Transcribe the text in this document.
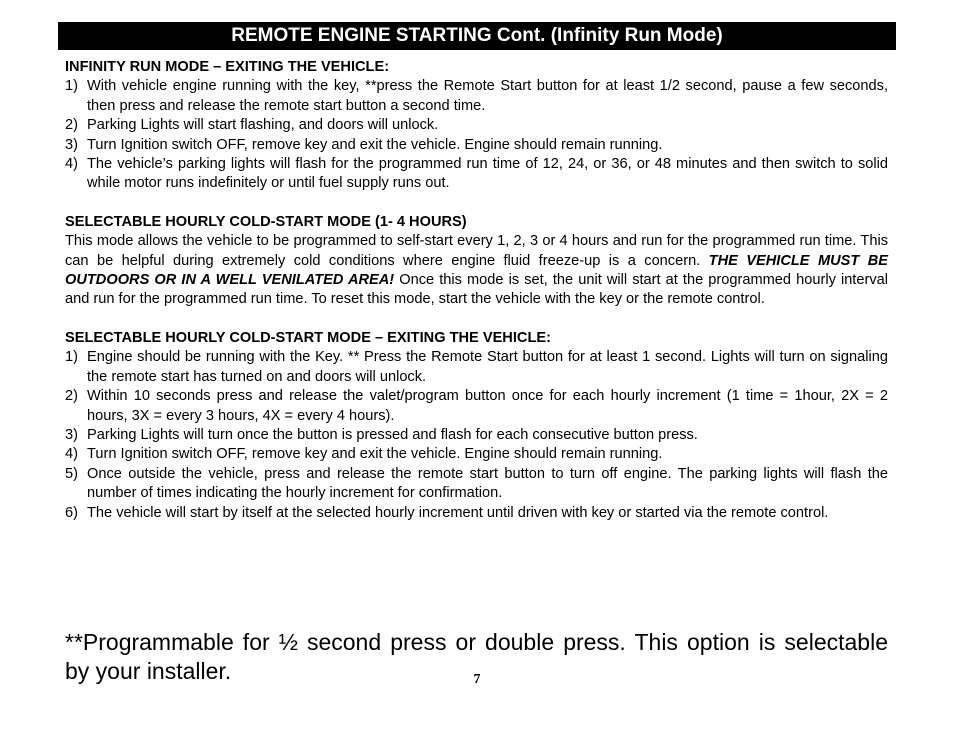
REMOTE ENGINE STARTING Cont. (Infinity Run Mode)

INFINITY RUN MODE – EXITING THE VEHICLE:

1) With vehicle engine running with the key, **press the Remote Start button for at least 1/2 second, pause a few seconds, then press and release the remote start button a second time.
2) Parking Lights will start flashing, and doors will unlock.
3) Turn Ignition switch OFF, remove key and exit the vehicle. Engine should remain running.
4) The vehicle’s parking lights will flash for the programmed run time of 12, 24, or 36, or 48 minutes and then switch to solid while motor runs indefinitely or until fuel supply runs out.

SELECTABLE HOURLY COLD-START MODE (1- 4 HOURS)

This mode allows the vehicle to be programmed to self-start every 1, 2, 3 or 4 hours and run for the programmed run time. This can be helpful during extremely cold conditions where engine fluid freeze-up is a concern. THE VEHICLE MUST BE OUTDOORS OR IN A WELL VENILATED AREA! Once this mode is set, the unit will start at the programmed hourly interval and run for the programmed run time. To reset this mode, start the vehicle with the key or the remote control.

SELECTABLE HOURLY COLD-START MODE – EXITING THE VEHICLE:

1) Engine should be running with the Key. ** Press the Remote Start button for at least 1 second. Lights will turn on signaling the remote start has turned on and doors will unlock.
2) Within 10 seconds press and release the valet/program button once for each hourly increment (1 time = 1hour, 2X = 2 hours, 3X = every 3 hours, 4X = every 4 hours).
3) Parking Lights will turn once the button is pressed and flash for each consecutive button press.
4) Turn Ignition switch OFF, remove key and exit the vehicle. Engine should remain running.
5) Once outside the vehicle, press and release the remote start button to turn off engine. The parking lights will flash the number of times indicating the hourly increment for confirmation.
6) The vehicle will start by itself at the selected hourly increment until driven with key or started via the remote control.

**Programmable for ½ second press or double press. This option is selectable by your installer.	7
